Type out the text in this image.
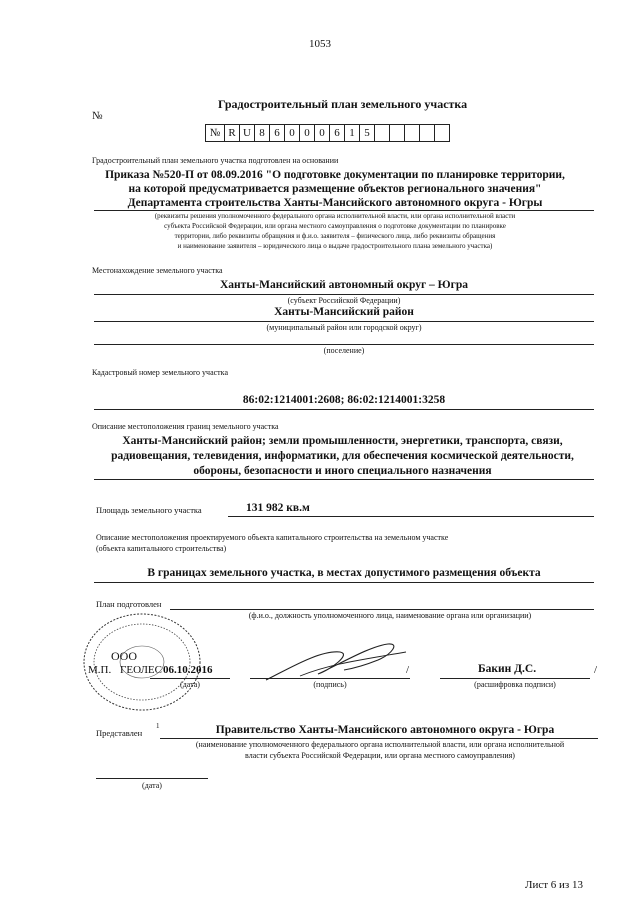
1053
Градостроительный план земельного участка
№
№	R	U	8	6	0	0	0	6	1	5					
Градостроительный план земельного участка подготовлен на основании
Приказа №520-П от 08.09.2016 "О подготовке документации по планировке территории,
на которой предусматривается размещение объектов регионального значения"
Департамента строительства Ханты-Мансийского автономного округа - Югры
(реквизиты решения уполномоченного федерального органа исполнительной власти, или органа исполнительной власти
субъекта Российской Федерации, или органа местного самоуправления о подготовке документации по планировке
территории, либо реквизиты обращения и ф.и.о. заявителя – физического лица, либо реквизиты обращения
и наименование заявителя – юридического лица о выдаче градостроительного плана земельного участка)
Местонахождение земельного участка
Ханты-Мансийский автономный округ – Югра
(субъект Российской Федерации)
Ханты-Мансийский район
(муниципальный район или городской округ)
(поселение)
Кадастровый номер земельного участка
86:02:1214001:2608; 86:02:1214001:3258
Описание местоположения границ земельного участка
Ханты-Мансийский район; земли промышленности, энергетики, транспорта, связи,
радиовещания, телевидения, информатики, для обеспечения космической деятельности,
обороны, безопасности и иного специального назначения
Площадь земельного участка	131 982 кв.м
Описание местоположения проектируемого объекта капитального строительства на земельном участке
(объекта капитального строительства)
В границах земельного участка, в местах допустимого размещения объекта
План подготовлен
(ф.и.о., должность уполномоченного лица, наименование органа или организации)
ООО
М.П. ГЕОЛЕС 06.10.2016
(дата)	(подпись)
/	Бакин Д.С.
(расшифровка подписи)
/
Представлен
1	Правительство Ханты-Мансийского автономного округа - Югра
(наименование уполномоченного федерального органа исполнительной власти, или органа исполнительной
власти субъекта Российской Федерации, или органа местного самоуправления)
(дата)
Лист 6 из 13
